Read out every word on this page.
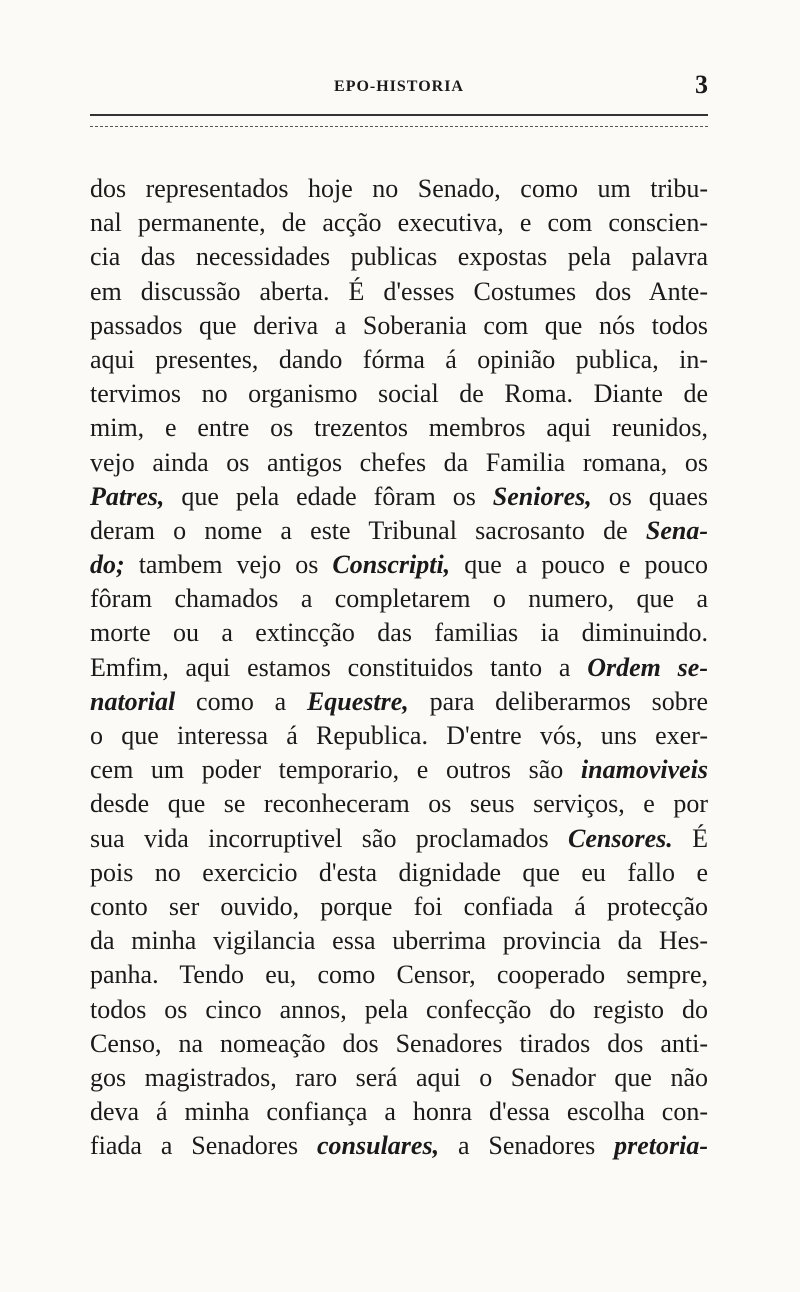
EPO-HISTORIA	3
dos representados hoje no Senado, como um tribu-
nal permanente, de acção executiva, e com conscien-
cia das necessidades publicas expostas pela palavra
em discussão aberta. É d'esses Costumes dos Ante-
passados que deriva a Soberania com que nós todos
aqui presentes, dando fórma á opinião publica, in-
tervimos no organismo social de Roma. Diante de
mim, e entre os trezentos membros aqui reunidos,
vejo ainda os antigos chefes da Familia romana, os
Patres, que pela edade fôram os Seniores, os quaes
deram o nome a este Tribunal sacrosanto de Sena-
do; tambem vejo os Conscripti, que a pouco e pouco
fôram chamados a completarem o numero, que a
morte ou a extincção das familias ia diminuindo.
Emfim, aqui estamos constituidos tanto a Ordem se-
natorial como a Equestre, para deliberarmos sobre
o que interessa á Republica. D'entre vós, uns exer-
cem um poder temporario, e outros são inamoviveis
desde que se reconheceram os seus serviços, e por
sua vida incorruptivel são proclamados Censores. É
pois no exercicio d'esta dignidade que eu fallo e
conto ser ouvido, porque foi confiada á protecção
da minha vigilancia essa uberrima provincia da Hes-
panha. Tendo eu, como Censor, cooperado sempre,
todos os cinco annos, pela confecção do registo do
Censo, na nomeação dos Senadores tirados dos anti-
gos magistrados, raro será aqui o Senador que não
deva á minha confiança a honra d'essa escolha con-
fiada a Senadores consulares, a Senadores pretoria-
